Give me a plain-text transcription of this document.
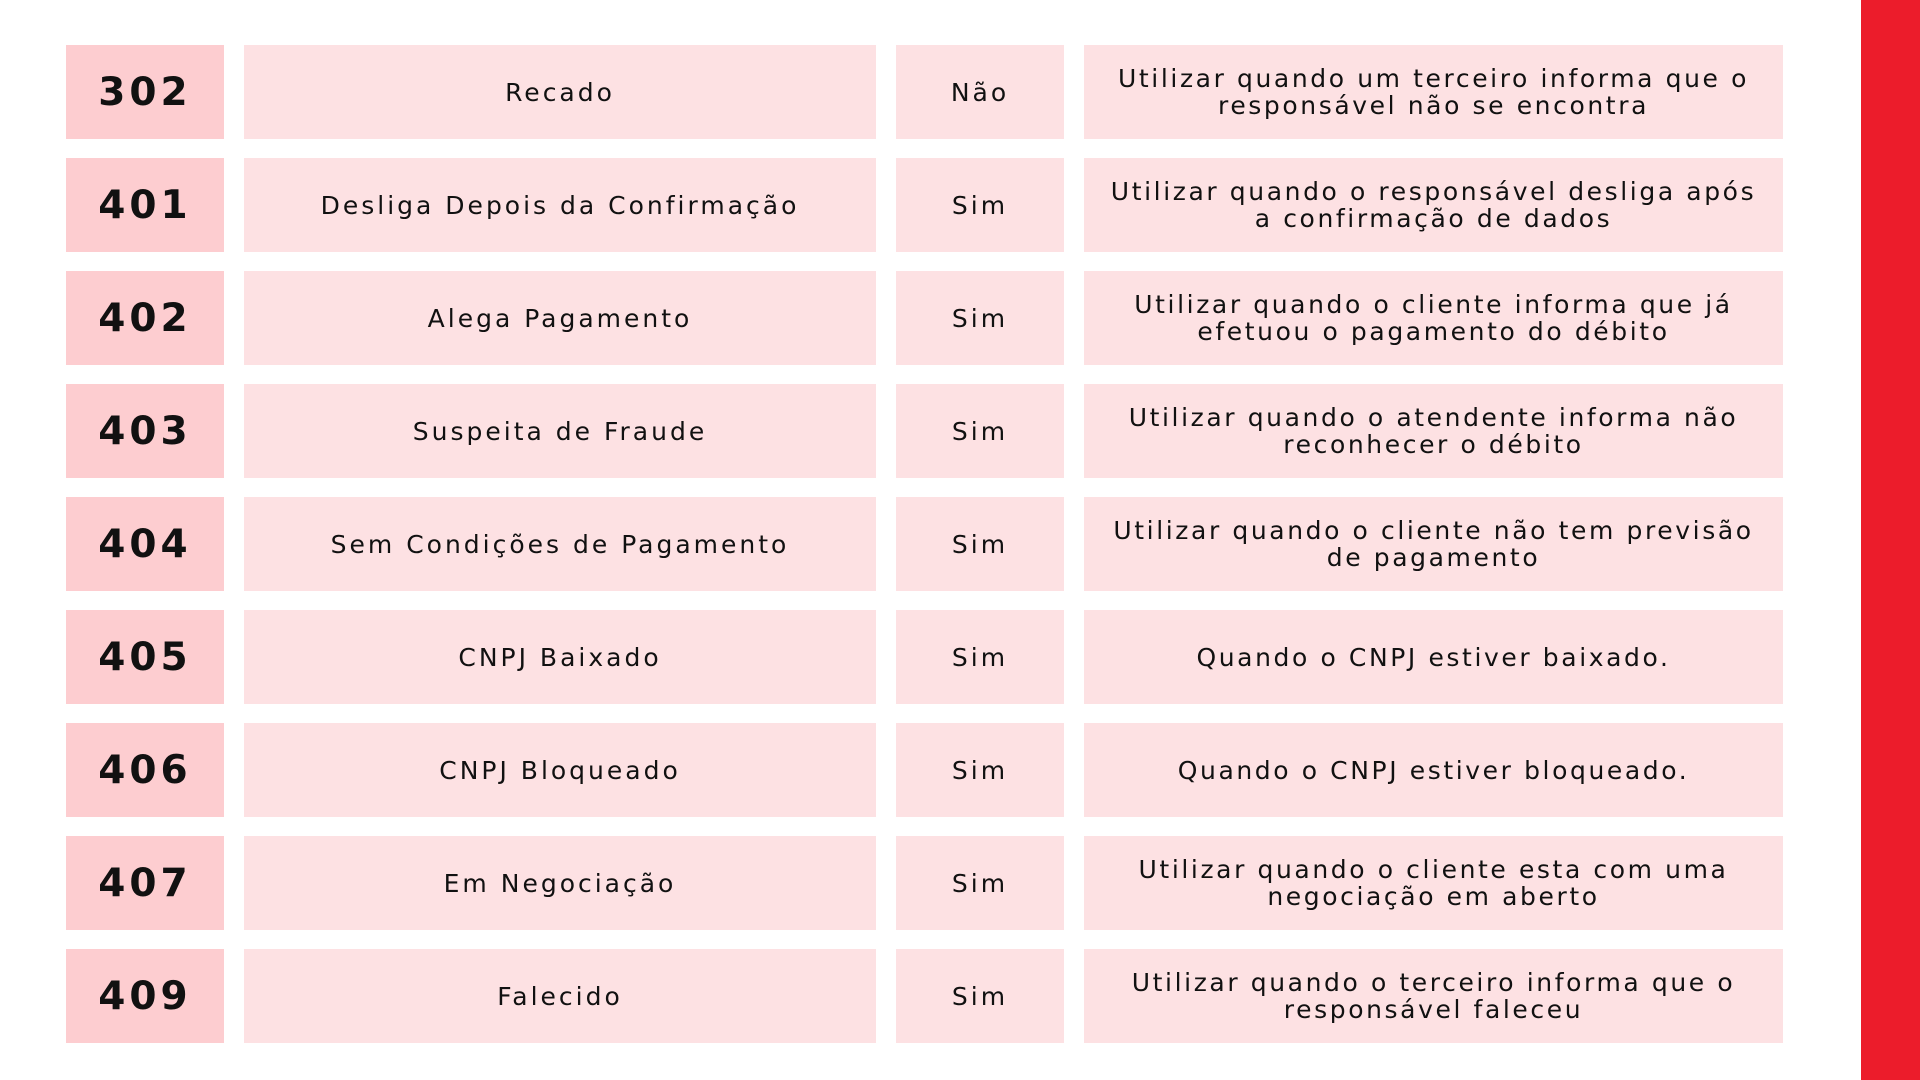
302	Recado	Não	Utilizar quando um terceiro informa que o responsável não se encontra
401	Desliga Depois da Confirmação	Sim	Utilizar quando o responsável desliga após a confirmação de dados
402	Alega Pagamento	Sim	Utilizar quando o cliente informa que já efetuou o pagamento do débito
403	Suspeita de Fraude	Sim	Utilizar quando o atendente informa não reconhecer o débito
404	Sem Condições de Pagamento	Sim	Utilizar quando o cliente não tem previsão de pagamento
405	CNPJ Baixado	Sim	Quando o CNPJ estiver baixado.
406	CNPJ Bloqueado	Sim	Quando o CNPJ estiver bloqueado.
407	Em Negociação	Sim	Utilizar quando o cliente esta com uma negociação em aberto
409	Falecido	Sim	Utilizar quando o terceiro informa que o responsável faleceu
